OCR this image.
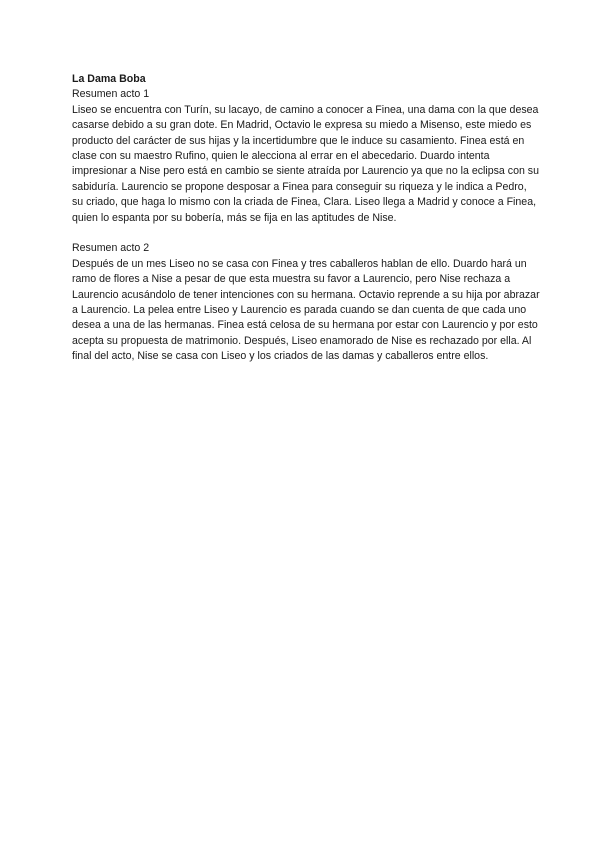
La Dama Boba

Resumen acto 1

Liseo se encuentra con Turín, su lacayo, de camino a conocer a Finea, una dama con la que desea casarse debido a su gran dote. En Madrid, Octavio le expresa su miedo a Misenso, este miedo es producto del carácter de sus hijas y la incertidumbre que le induce su casamiento. Finea está en clase con su maestro Rufino, quien le alecciona al errar en el abecedario. Duardo intenta impresionar a Nise pero está en cambio se siente atraída por Laurencio ya que no la eclipsa con su sabiduría. Laurencio se propone desposar a Finea para conseguir su riqueza y le indica a Pedro, su criado, que haga lo mismo con la criada de Finea, Clara. Liseo llega a Madrid y conoce a Finea, quien lo espanta por su bobería, más se fija en las aptitudes de Nise.

Resumen acto 2

Después de un mes Liseo no se casa con Finea y tres caballeros hablan de ello. Duardo hará un ramo de flores a Nise a pesar de que esta muestra su favor a Laurencio, pero Nise rechaza a Laurencio acusándolo de tener intenciones con su hermana. Octavio reprende a su hija por abrazar a Laurencio. La pelea entre Liseo y Laurencio es parada cuando se dan cuenta de que cada uno desea a una de las hermanas. Finea está celosa de su hermana por estar con Laurencio y por esto acepta su propuesta de matrimonio. Después, Liseo enamorado de Nise es rechazado por ella. Al final del acto, Nise se casa con Liseo y los criados de las damas y caballeros entre ellos.
